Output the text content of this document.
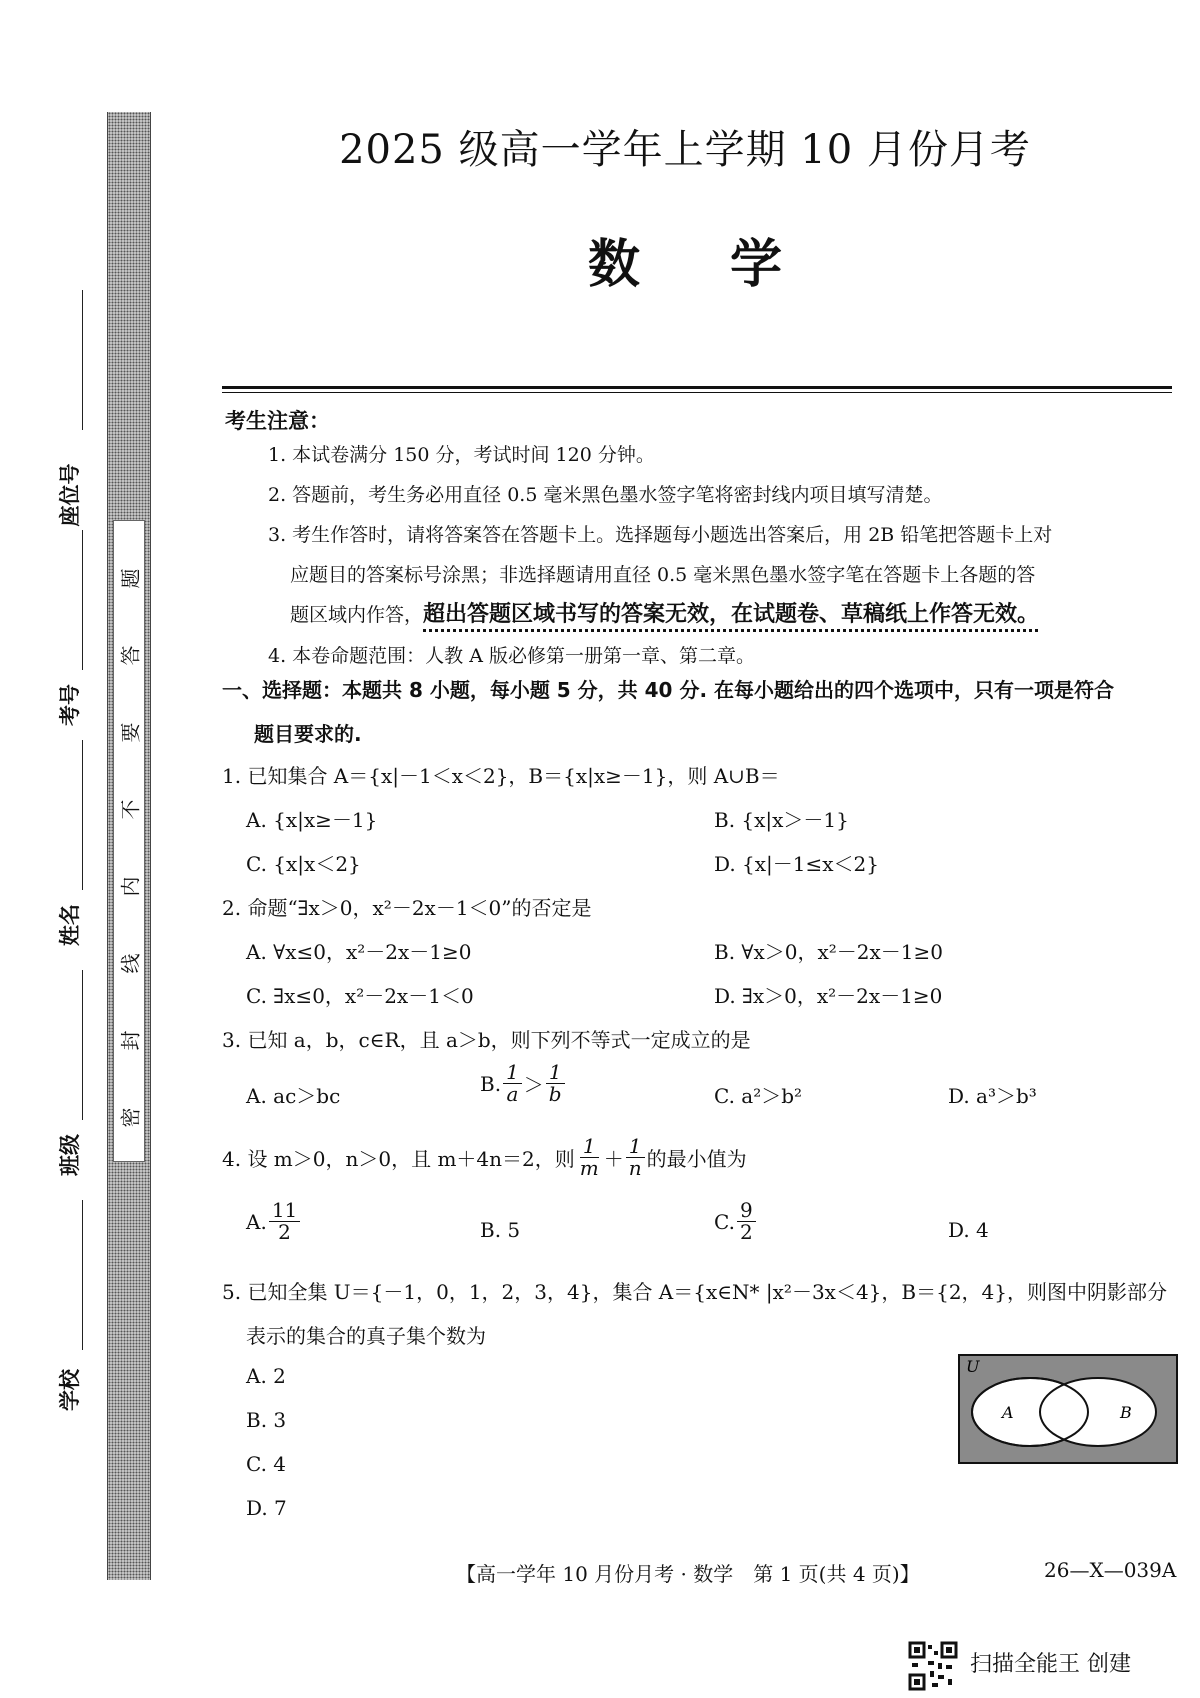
密
封
线
内
不
要
答
题
座位号
考号
姓名
班级
学校
2025 级高一学年上学期 10 月份月考
数学
考生注意：
1. 本试卷满分 150 分，考试时间 120 分钟。
2. 答题前，考生务必用直径 0.5 毫米黑色墨水签字笔将密封线内项目填写清楚。
3. 考生作答时，请将答案答在答题卡上。选择题每小题选出答案后，用 2B 铅笔把答题卡上对
应题目的答案标号涂黑；非选择题请用直径 0.5 毫米黑色墨水签字笔在答题卡上各题的答
题区域内作答，超出答题区域书写的答案无效，在试题卷、草稿纸上作答无效。
4. 本卷命题范围：人教 A 版必修第一册第一章、第二章。
一、选择题：本题共 8 小题，每小题 5 分，共 40 分. 在每小题给出的四个选项中，只有一项是符合
题目要求的.
1. 已知集合 A＝{x|－1＜x＜2}，B＝{x|x≥－1}，则 A∪B＝
A. {x|x≥－1}	B. {x|x＞－1}
C. {x|x＜2}	D. {x|－1≤x＜2}
2. 命题“∃x＞0，x²－2x－1＜0”的否定是
A. ∀x≤0，x²－2x－1≥0	B. ∀x＞0，x²－2x－1≥0
C. ∃x≤0，x²－2x－1＜0	D. ∃x＞0，x²－2x－1≥0
3. 已知 a，b，c∈R，且 a＞b，则下列不等式一定成立的是
A. ac＞bc
B. $\frac{1}{a} > \frac{1}{b}$	C. a²＞b²	D. a³＞b³
4. 设 m＞0，n＞0，且 m＋4n＝2，则 $\frac{1}{m} + \frac{1}{n}$ 的最小值为
A. $\frac{11}{2}$	B. 5	C. $\frac{9}{2}$	D. 4
5. 已知全集 U＝{－1，0，1，2，3，4}，集合 A＝{x∈N* |x²－3x＜4}，B＝{2，4}，则图中阴影部分
表示的集合的真子集个数为
A. 2
B. 3
C. 4
D. 7
U
A	B
【高一学年 10 月份月考 · 数学　第 1 页(共 4 页)】	26—X—039A
扫描全能王 创建
